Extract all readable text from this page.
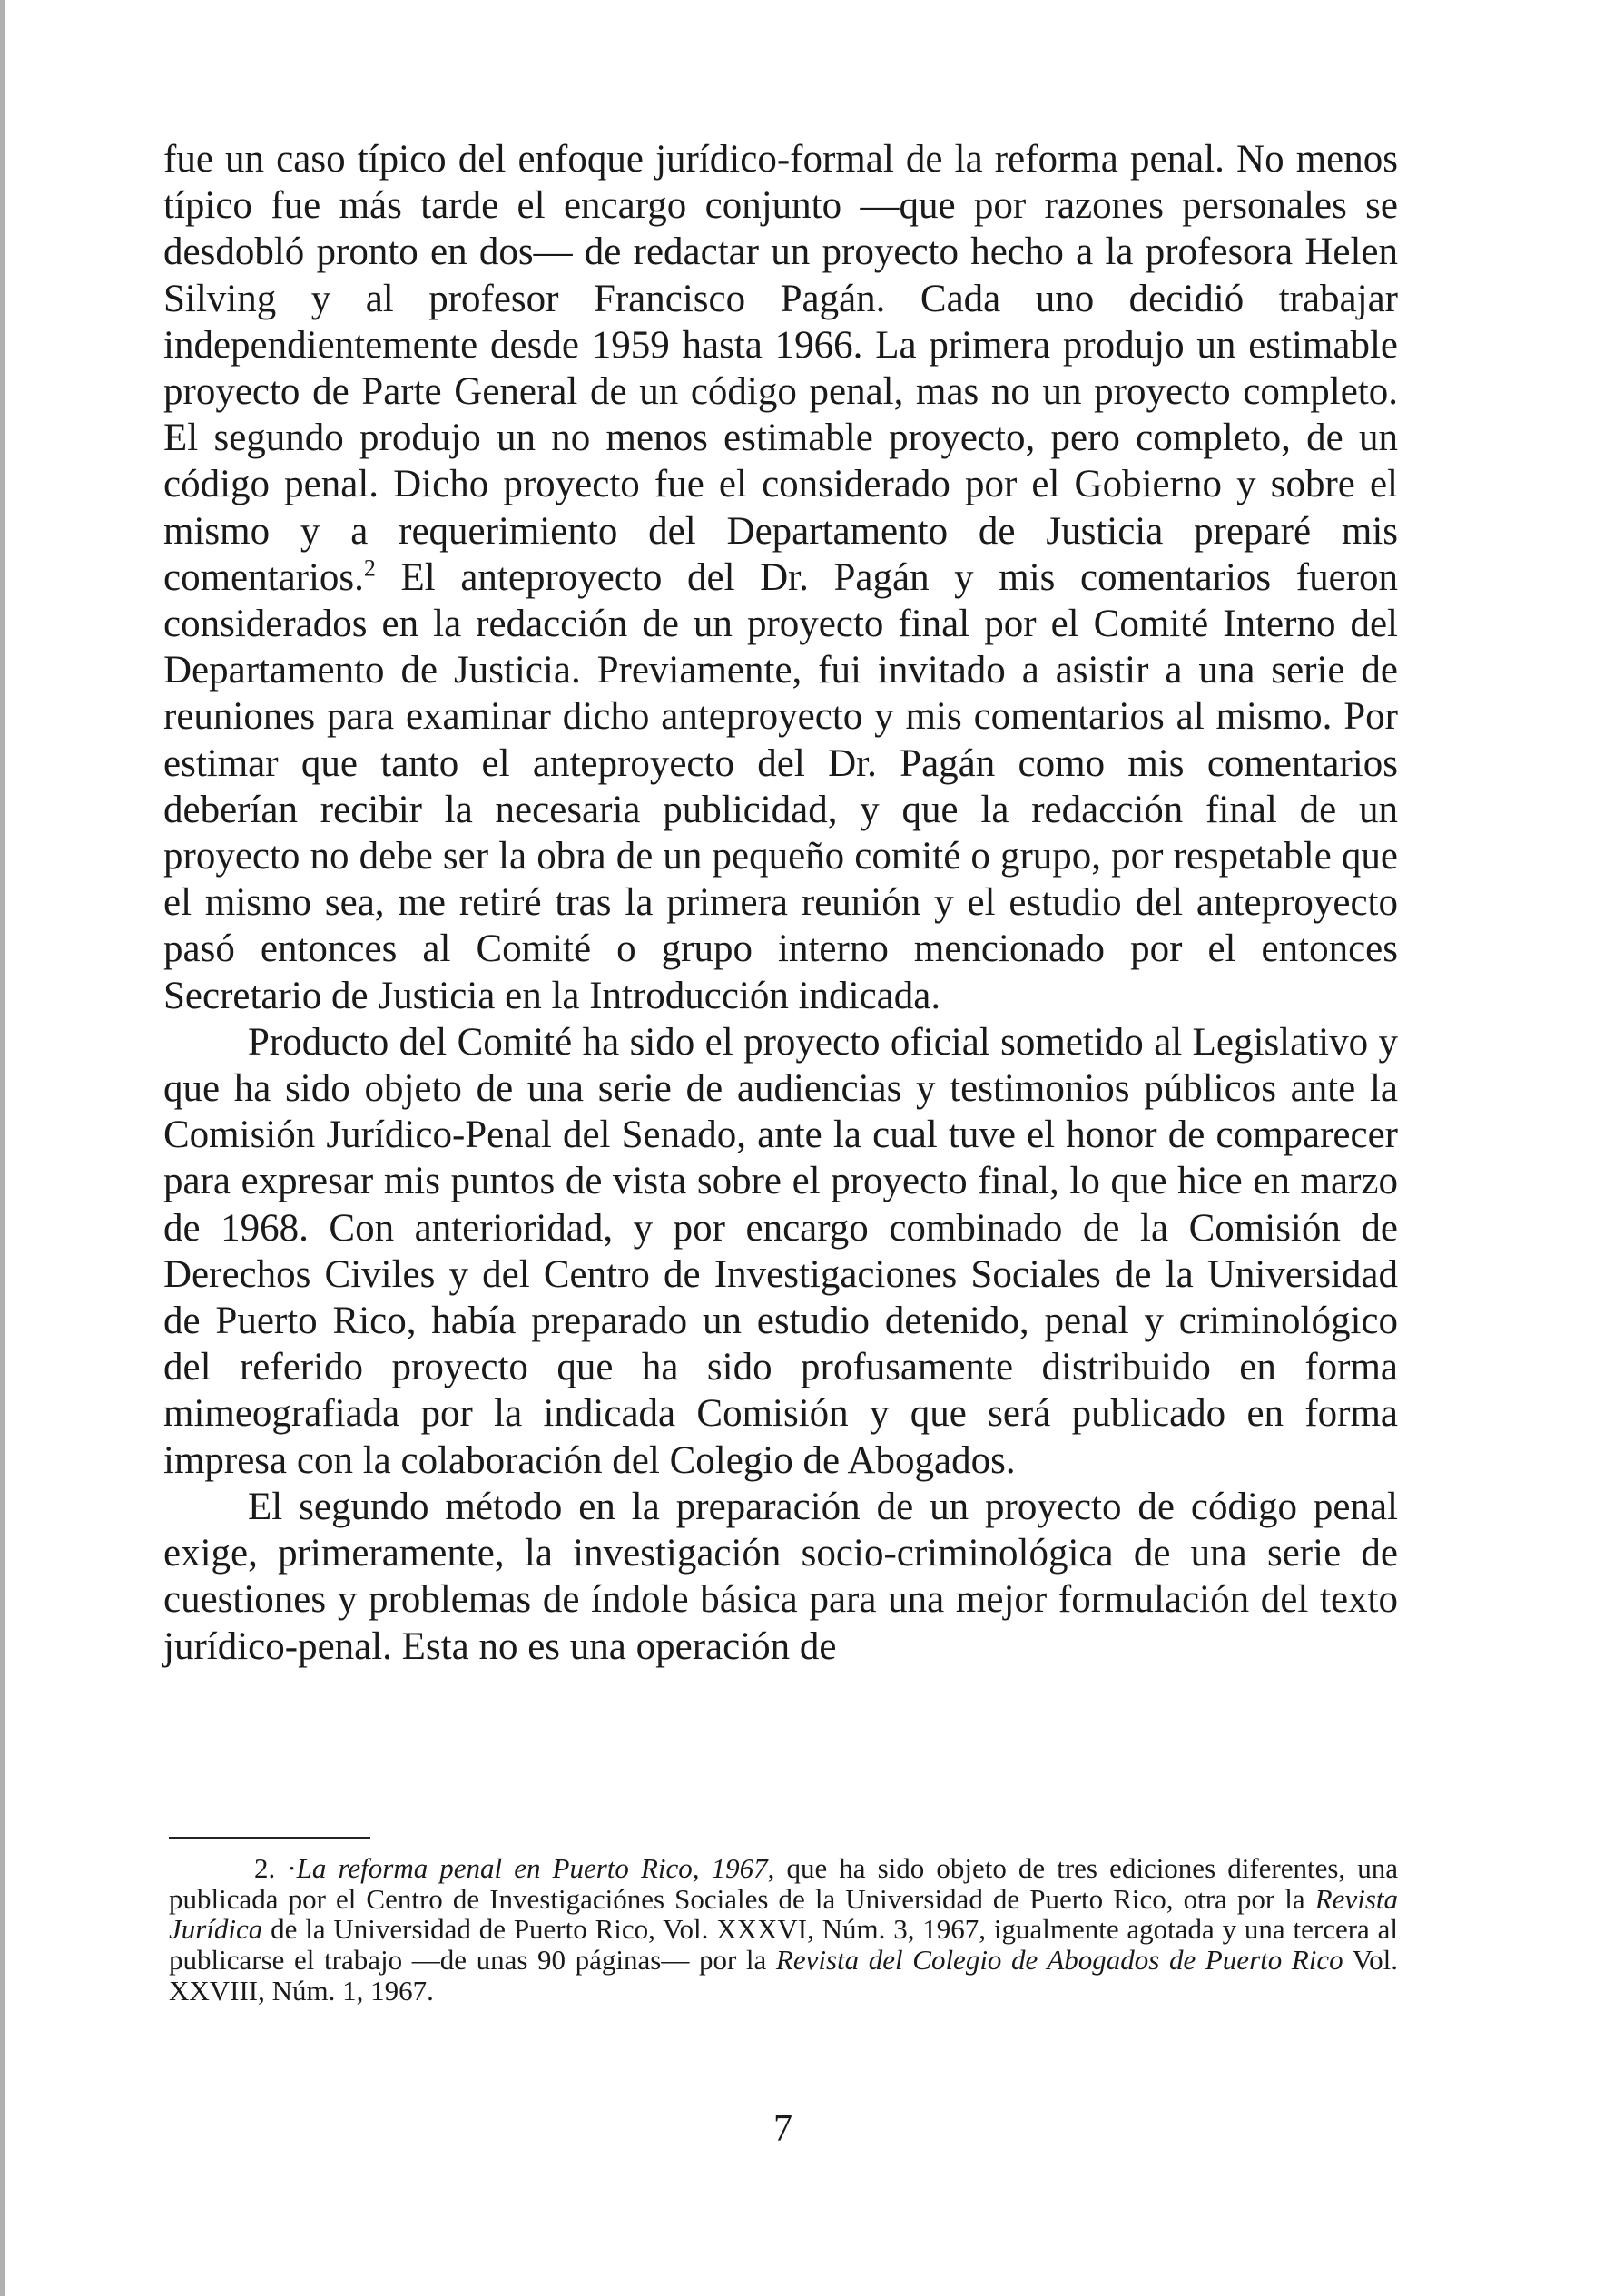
fue un caso típico del enfoque jurídico-formal de la reforma penal. No menos típico fue más tarde el encargo conjunto —que por razones personales se desdobló pronto en dos— de redactar un proyecto hecho a la profesora Helen Silving y al profesor Francisco Pagán. Cada uno decidió trabajar independientemente desde 1959 hasta 1966. La primera produjo un estimable proyecto de Parte General de un código penal, mas no un proyecto completo. El segundo produjo un no menos estimable proyecto, pero completo, de un código penal. Dicho proyecto fue el considerado por el Gobierno y sobre el mismo y a requerimiento del Departamento de Justicia preparé mis comentarios.$^2$ El anteproyecto del Dr. Pagán y mis comentarios fueron considerados en la redacción de un proyecto final por el Comité Interno del Departamento de Justicia. Previamente, fui invitado a asistir a una serie de reuniones para examinar dicho anteproyecto y mis comentarios al mismo. Por estimar que tanto el anteproyecto del Dr. Pagán como mis comentarios deberían recibir la necesaria publicidad, y que la redacción final de un proyecto no debe ser la obra de un pequeño comité o grupo, por respetable que el mismo sea, me retiré tras la primera reunión y el estudio del anteproyecto pasó entonces al Comité o grupo interno mencionado por el entonces Secretario de Justicia en la Introducción indicada.

Producto del Comité ha sido el proyecto oficial sometido al Legislativo y que ha sido objeto de una serie de audiencias y testimonios públicos ante la Comisión Jurídico-Penal del Senado, ante la cual tuve el honor de comparecer para expresar mis puntos de vista sobre el proyecto final, lo que hice en marzo de 1968. Con anterioridad, y por encargo combinado de la Comisión de Derechos Civiles y del Centro de Investigaciones Sociales de la Universidad de Puerto Rico, había preparado un estudio detenido, penal y criminológico del referido proyecto que ha sido profusamente distribuido en forma mimeografiada por la indicada Comisión y que será publicado en forma impresa con la colaboración del Colegio de Abogados.

El segundo método en la preparación de un proyecto de código penal exige, primeramente, la investigación socio-criminológica de una serie de cuestiones y problemas de índole básica para una mejor formulación del texto jurídico-penal. Esta no es una operación de

2. ·La reforma penal en Puerto Rico, 1967, que ha sido objeto de tres ediciones diferentes, una publicada por el Centro de Investigaciónes Sociales de la Universidad de Puerto Rico, otra por la Revista Jurídica de la Universidad de Puerto Rico, Vol. XXXVI, Núm. 3, 1967, igualmente agotada y una tercera al publicarse el trabajo —de unas 90 páginas— por la Revista del Colegio de Abogados de Puerto Rico Vol. XXVIII, Núm. 1, 1967.

7
